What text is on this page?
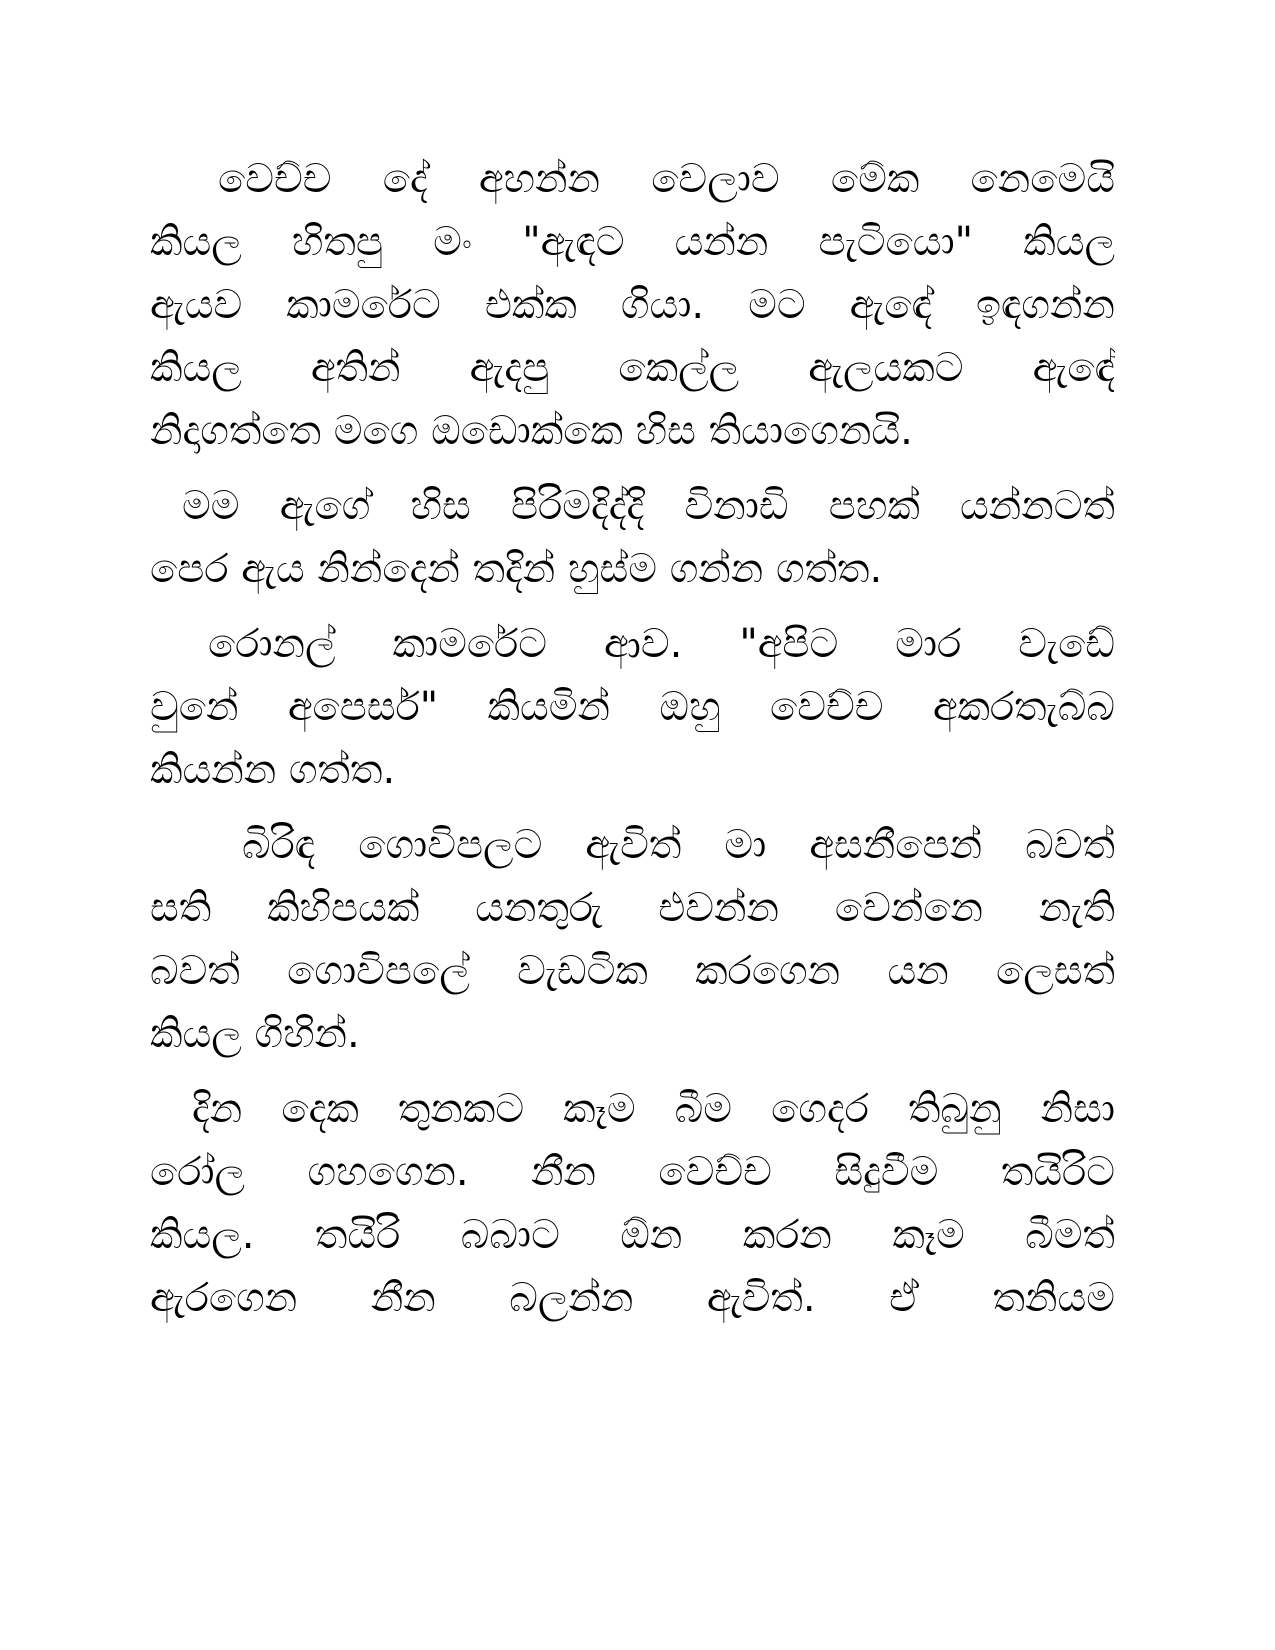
වෙච්ච දේ අහන්න වෙලාව මේක නෙමෙයි
කියල හිතපු මං "ඇඳට යන්න පැටියො" කියල
ඇයව කාමරේට එක්ක ගියා. මට ඇඳේ ඉඳගන්න
කියල අතින් ඇදපු කෙල්ල ඇලයකට ඇඳේ
නිදාගත්තෙ මගෙ ඔඩොක්කෙ හිස තියාගෙනයි.
මම ඇගේ හිස පිරිමදිද්දි විනාඩි පහක් යන්නටත්
පෙර ඇය නින්දෙන් තදින් හුස්ම ගන්න ගත්ත.
රොනල් කාමරේට ආව. "අපිට මාර වැඩේ
වුනේ අපෙසර්" කියමින් ඔහු වෙච්ච අකරතැබ්බ
කියන්න ගත්ත.
බිරිඳ ගොවිපලට ඇවිත් මා අසනීපෙන් බවත්
සති කිහිපයක් යනතුරු එවන්න වෙන්නෙ නැති
බවත් ගොවිපලේ වැඩටික කරගෙන යන ලෙසත්
කියල ගිහින්.
දින දෙක තුනකට කෑම බීම ගෙදර තිබුනු නිසා
රෝල ගහගෙන. නීන වෙච්ච සිදුවීම තයිරිට
කියල. තයිරි බබාට ඕන කරන කෑම බීමත්
ඇරගෙන නීන බලන්න ඇවිත්. ඒ තනියම
